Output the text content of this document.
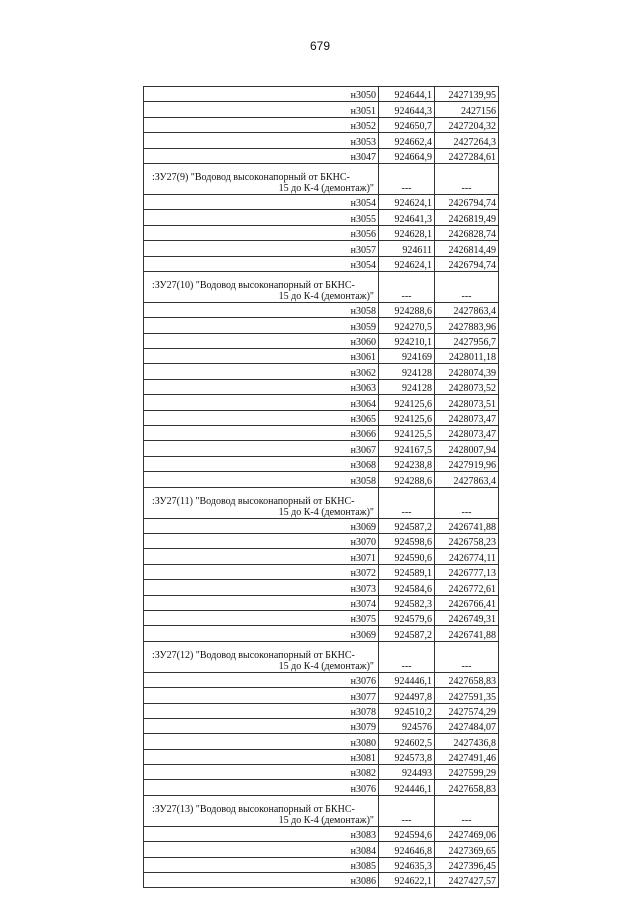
679
н3050	924644,1	2427139,95
н3051	924644,3	2427156
н3052	924650,7	2427204,32
н3053	924662,4	2427264,3
н3047	924664,9	2427284,61

:ЗУ27(9) "Водовод высоконапорный от БКНС-
15 до К-4 (демонтаж)"	---	---
н3054	924624,1	2426794,74
н3055	924641,3	2426819,49
н3056	924628,1	2426828,74
н3057	924611	2426814,49
н3054	924624,1	2426794,74

:ЗУ27(10) "Водовод высоконапорный от БКНС-
15 до К-4 (демонтаж)"	---	---
н3058	924288,6	2427863,4
н3059	924270,5	2427883,96
н3060	924210,1	2427956,7
н3061	924169	2428011,18
н3062	924128	2428074,39
н3063	924128	2428073,52
н3064	924125,6	2428073,51
н3065	924125,6	2428073,47
н3066	924125,5	2428073,47
н3067	924167,5	2428007,94
н3068	924238,8	2427919,96
н3058	924288,6	2427863,4

:ЗУ27(11) "Водовод высоконапорный от БКНС-
15 до К-4 (демонтаж)"	---	---
н3069	924587,2	2426741,88
н3070	924598,6	2426758,23
н3071	924590,6	2426774,11
н3072	924589,1	2426777,13
н3073	924584,6	2426772,61
н3074	924582,3	2426766,41
н3075	924579,6	2426749,31
н3069	924587,2	2426741,88

:ЗУ27(12) "Водовод высоконапорный от БКНС-
15 до К-4 (демонтаж)"	---	---
н3076	924446,1	2427658,83
н3077	924497,8	2427591,35
н3078	924510,2	2427574,29
н3079	924576	2427484,07
н3080	924602,5	2427436,8
н3081	924573,8	2427491,46
н3082	924493	2427599,29
н3076	924446,1	2427658,83

:ЗУ27(13) "Водовод высоконапорный от БКНС-
15 до К-4 (демонтаж)"	---	---
н3083	924594,6	2427469,06
н3084	924646,8	2427369,65
н3085	924635,3	2427396,45
н3086	924622,1	2427427,57
